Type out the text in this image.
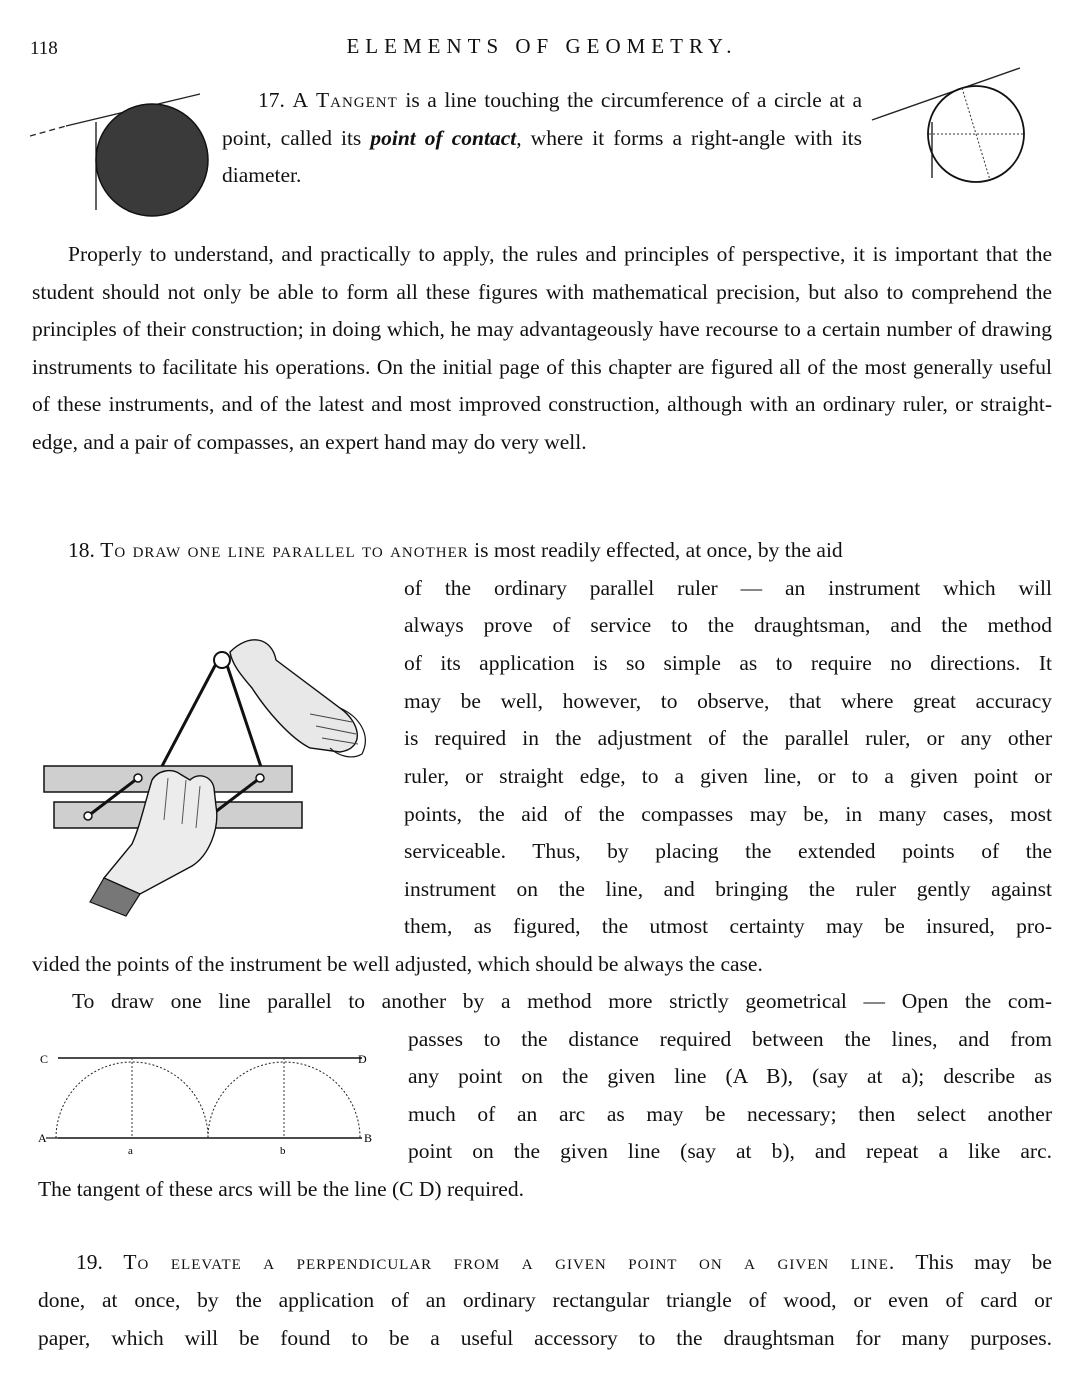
118	ELEMENTS OF GEOMETRY.
17. A Tangent is a line touching the circumference of a circle at a point, called its point of contact, where it forms a right-angle with its diameter.
Properly to understand, and practically to apply, the rules and principles of perspective, it is important that the student should not only be able to form all these figures with mathematical precision, but also to comprehend the principles of their construction; in doing which, he may advantageously have recourse to a certain number of drawing instruments to facilitate his operations. On the initial page of this chapter are figured all of the most generally useful of these instruments, and of the latest and most improved construction, although with an ordinary ruler, or straight-edge, and a pair of compasses, an expert hand may do very well.
18. To draw one line parallel to another is most readily effected, at once, by the aid
of the ordinary parallel ruler — an instrument which will
always prove of service to the draughtsman, and the method
of its application is so simple as to require no directions. It
may be well, however, to observe, that where great accuracy
is required in the adjustment of the parallel ruler, or any other
ruler, or straight edge, to a given line, or to a given point or
points, the aid of the compasses may be, in many cases, most
serviceable. Thus, by placing the extended points of the
instrument on the line, and bringing the ruler gently against
them, as figured, the utmost certainty may be insured, pro-
vided the points of the instrument be well adjusted, which should be always the case.
To draw one line parallel to another by a method more strictly geometrical — Open the com-
C	D
A	B
a	b
passes to the distance required between the lines, and from
any point on the given line (A B), (say at a); describe as
much of an arc as may be necessary; then select another
point on the given line (say at b), and repeat a like arc.
The tangent of these arcs will be the line (C D) required.
19. To elevate a perpendicular from a given point on a given line. This may be
done, at once, by the application of an ordinary rectangular triangle of wood, or even of card or
paper, which will be found to be a useful accessory to the draughtsman for many purposes.
